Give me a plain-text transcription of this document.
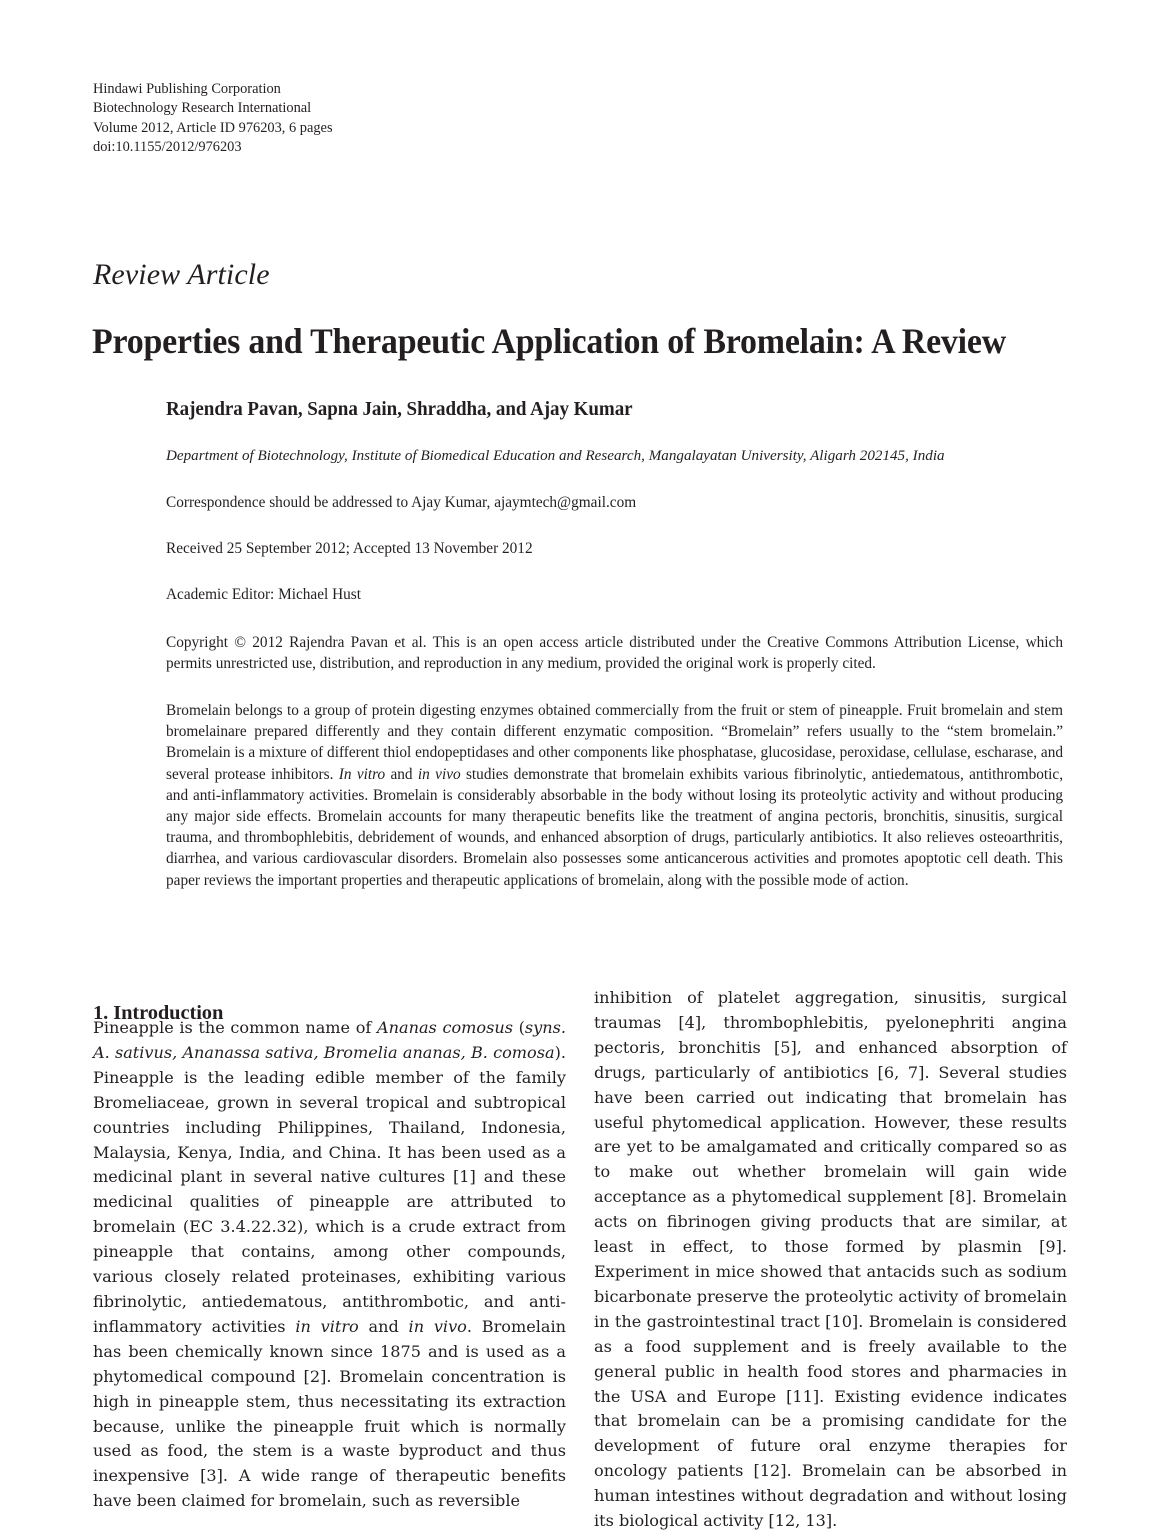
Hindawi Publishing Corporation
Biotechnology Research International
Volume 2012, Article ID 976203, 6 pages
doi:10.1155/2012/976203
Review Article
Properties and Therapeutic Application of Bromelain: A Review
Rajendra Pavan, Sapna Jain, Shraddha, and Ajay Kumar
Department of Biotechnology, Institute of Biomedical Education and Research, Mangalayatan University, Aligarh 202145, India
Correspondence should be addressed to Ajay Kumar, ajaymtech@gmail.com
Received 25 September 2012; Accepted 13 November 2012
Academic Editor: Michael Hust
Copyright © 2012 Rajendra Pavan et al. This is an open access article distributed under the Creative Commons Attribution License, which permits unrestricted use, distribution, and reproduction in any medium, provided the original work is properly cited.
Bromelain belongs to a group of protein digesting enzymes obtained commercially from the fruit or stem of pineapple. Fruit bromelain and stem bromelainare prepared differently and they contain different enzymatic composition. “Bromelain” refers usually to the “stem bromelain.” Bromelain is a mixture of different thiol endopeptidases and other components like phosphatase, glucosidase, peroxidase, cellulase, escharase, and several protease inhibitors. In vitro and in vivo studies demonstrate that bromelain exhibits various fibrinolytic, antiedematous, antithrombotic, and anti-inflammatory activities. Bromelain is considerably absorbable in the body without losing its proteolytic activity and without producing any major side effects. Bromelain accounts for many therapeutic benefits like the treatment of angina pectoris, bronchitis, sinusitis, surgical trauma, and thrombophlebitis, debridement of wounds, and enhanced absorption of drugs, particularly antibiotics. It also relieves osteoarthritis, diarrhea, and various cardiovascular disorders. Bromelain also possesses some anticancerous activities and promotes apoptotic cell death. This paper reviews the important properties and therapeutic applications of bromelain, along with the possible mode of action.
1. Introduction

Pineapple is the common name of Ananas comosus (syns. A. sativus, Ananassa sativa, Bromelia ananas, B. comosa). Pineapple is the leading edible member of the family Bromeliaceae, grown in several tropical and subtropical countries including Philippines, Thailand, Indonesia, Malaysia, Kenya, India, and China. It has been used as a medicinal plant in several native cultures [1] and these medicinal qualities of pineapple are attributed to bromelain (EC 3.4.22.32), which is a crude extract from pineapple that contains, among other compounds, various closely related proteinases, exhibiting various fibrinolytic, antiedematous, antithrombotic, and anti-inflammatory activities in vitro and in vivo. Bromelain has been chemically known since 1875 and is used as a phytomedical compound [2]. Bromelain concentration is high in pineapple stem, thus necessitating its extraction because, unlike the pineapple fruit which is normally used as food, the stem is a waste byproduct and thus inexpensive [3]. A wide range of therapeutic benefits have been claimed for bromelain, such as reversible

inhibition of platelet aggregation, sinusitis, surgical traumas [4], thrombophlebitis, pyelonephriti angina pectoris, bronchitis [5], and enhanced absorption of drugs, particularly of antibiotics [6, 7]. Several studies have been carried out indicating that bromelain has useful phytomedical application. However, these results are yet to be amalgamated and critically compared so as to make out whether bromelain will gain wide acceptance as a phytomedical supplement [8]. Bromelain acts on fibrinogen giving products that are similar, at least in effect, to those formed by plasmin [9]. Experiment in mice showed that antacids such as sodium bicarbonate preserve the proteolytic activity of bromelain in the gastrointestinal tract [10]. Bromelain is considered as a food supplement and is freely available to the general public in health food stores and pharmacies in the USA and Europe [11]. Existing evidence indicates that bromelain can be a promising candidate for the development of future oral enzyme therapies for oncology patients [12]. Bromelain can be absorbed in human intestines without degradation and without losing its biological activity [12, 13].
